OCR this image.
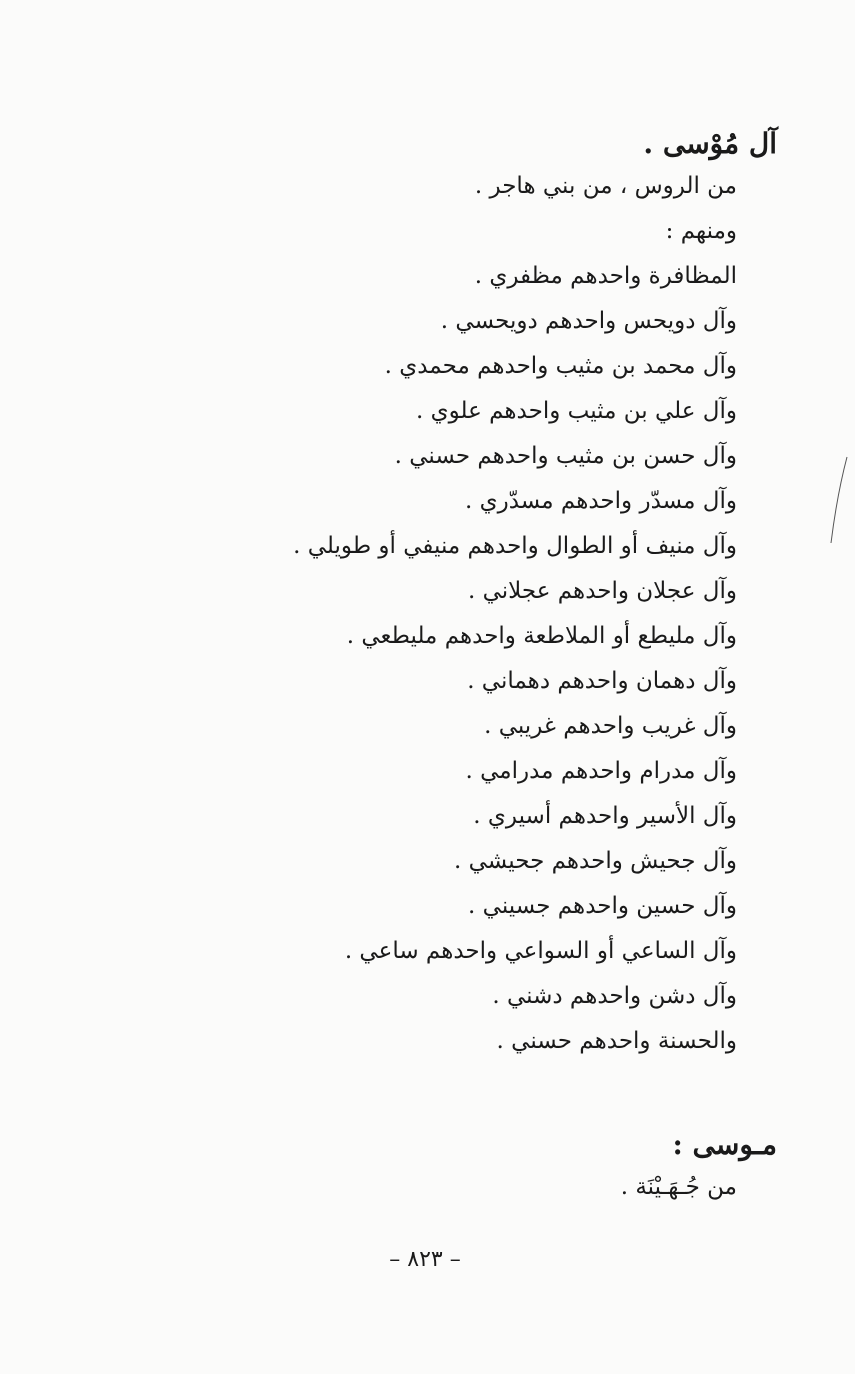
آل مُوْسى .

من الروس ، من بني هاجر .

ومنهم :

المظافرة واحدهم مظفري .

وآل دويحس واحدهم دويحسي .

وآل محمد بن مثيب واحدهم محمدي .

وآل علي بن مثيب واحدهم علوي .

وآل حسن بن مثيب واحدهم حسني .

وآل مسدّر واحدهم مسدّري .

وآل منيف أو الطوال واحدهم منيفي أو طويلي .

وآل عجلان واحدهم عجلاني .

وآل مليطع أو الملاطعة واحدهم مليطعي .

وآل دهمان واحدهم دهماني .

وآل غريب واحدهم غريبي .

وآل مدرام واحدهم مدرامي .

وآل الأسير واحدهم أسيري .

وآل جحيش واحدهم جحيشي .

وآل حسين واحدهم جسيني .

وآل الساعي أو السواعي واحدهم ساعي .

وآل دشن واحدهم دشني .

والحسنة واحدهم حسني .

مـوسى :

من جُـهَـيْنَة .

– ٨٢٣ –
